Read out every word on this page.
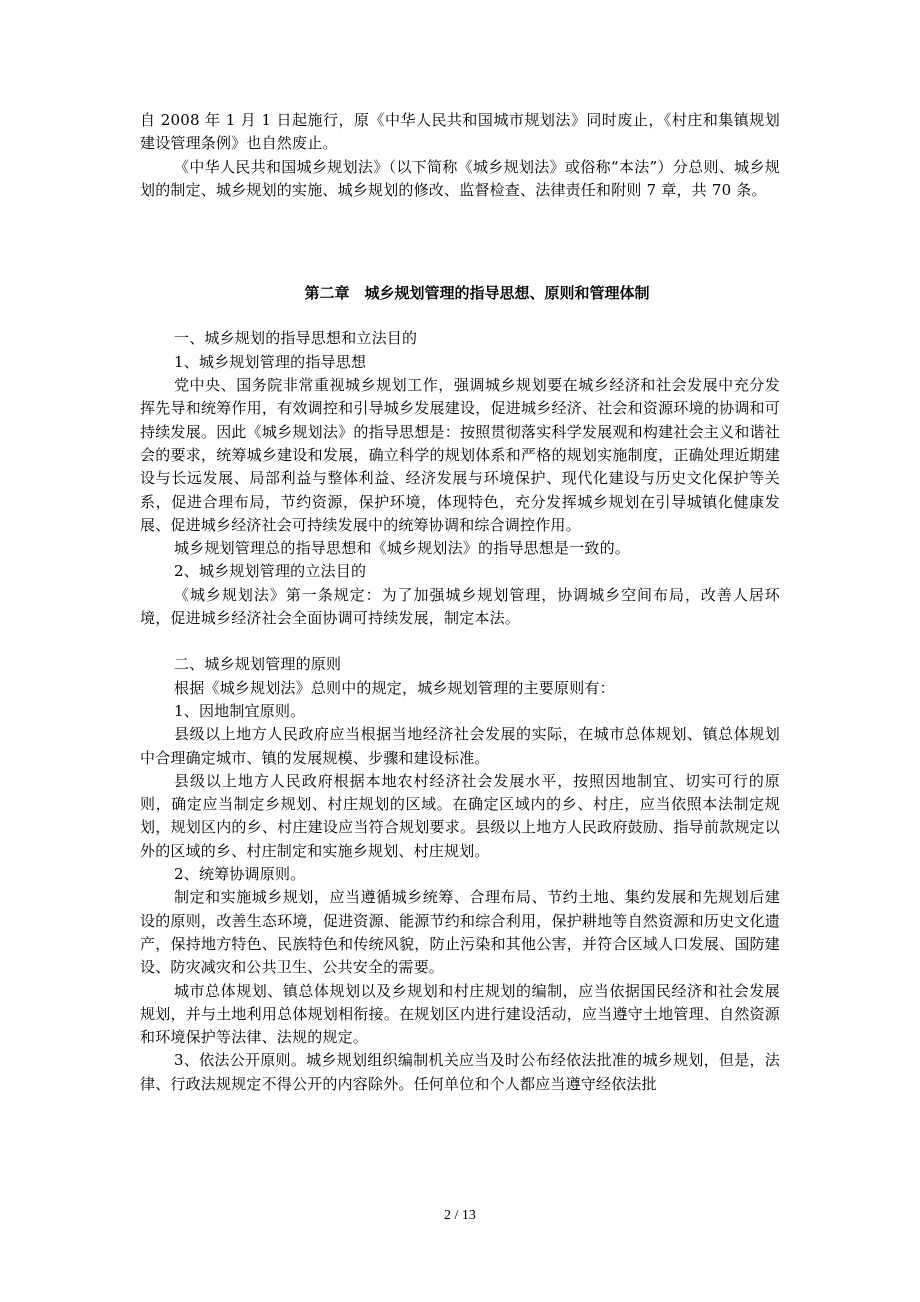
自 2008 年 1 月 1 日起施行，原《中华人民共和国城市规划法》同时废止，《村庄和集镇规划建设管理条例》也自然废止。

《中华人民共和国城乡规划法》（以下简称《城乡规划法》或俗称“本法”）分总则、城乡规划的制定、城乡规划的实施、城乡规划的修改、监督检查、法律责任和附则 7 章，共 70 条。

第二章　城乡规划管理的指导思想、原则和管理体制

一、城乡规划的指导思想和立法目的

1、城乡规划管理的指导思想

党中央、国务院非常重视城乡规划工作，强调城乡规划要在城乡经济和社会发展中充分发挥先导和统筹作用，有效调控和引导城乡发展建设，促进城乡经济、社会和资源环境的协调和可持续发展。因此《城乡规划法》的指导思想是：按照贯彻落实科学发展观和构建社会主义和谐社会的要求，统筹城乡建设和发展，确立科学的规划体系和严格的规划实施制度，正确处理近期建设与长远发展、局部利益与整体利益、经济发展与环境保护、现代化建设与历史文化保护等关系，促进合理布局，节约资源，保护环境，体现特色，充分发挥城乡规划在引导城镇化健康发展、促进城乡经济社会可持续发展中的统筹协调和综合调控作用。

城乡规划管理总的指导思想和《城乡规划法》的指导思想是一致的。

2、城乡规划管理的立法目的

《城乡规划法》第一条规定：为了加强城乡规划管理，协调城乡空间布局，改善人居环境，促进城乡经济社会全面协调可持续发展，制定本法。

二、城乡规划管理的原则

根据《城乡规划法》总则中的规定，城乡规划管理的主要原则有：

1、因地制宜原则。

县级以上地方人民政府应当根据当地经济社会发展的实际，在城市总体规划、镇总体规划中合理确定城市、镇的发展规模、步骤和建设标准。

县级以上地方人民政府根据本地农村经济社会发展水平，按照因地制宜、切实可行的原则，确定应当制定乡规划、村庄规划的区域。在确定区域内的乡、村庄，应当依照本法制定规划，规划区内的乡、村庄建设应当符合规划要求。县级以上地方人民政府鼓励、指导前款规定以外的区域的乡、村庄制定和实施乡规划、村庄规划。

2、统筹协调原则。

制定和实施城乡规划，应当遵循城乡统筹、合理布局、节约土地、集约发展和先规划后建设的原则，改善生态环境，促进资源、能源节约和综合利用，保护耕地等自然资源和历史文化遗产，保持地方特色、民族特色和传统风貌，防止污染和其他公害，并符合区域人口发展、国防建设、防灾减灾和公共卫生、公共安全的需要。

城市总体规划、镇总体规划以及乡规划和村庄规划的编制，应当依据国民经济和社会发展规划，并与土地利用总体规划相衔接。在规划区内进行建设活动，应当遵守土地管理、自然资源和环境保护等法律、法规的规定。

3、依法公开原则。城乡规划组织编制机关应当及时公布经依法批准的城乡规划，但是，法律、行政法规规定不得公开的内容除外。任何单位和个人都应当遵守经依法批

2 / 13
